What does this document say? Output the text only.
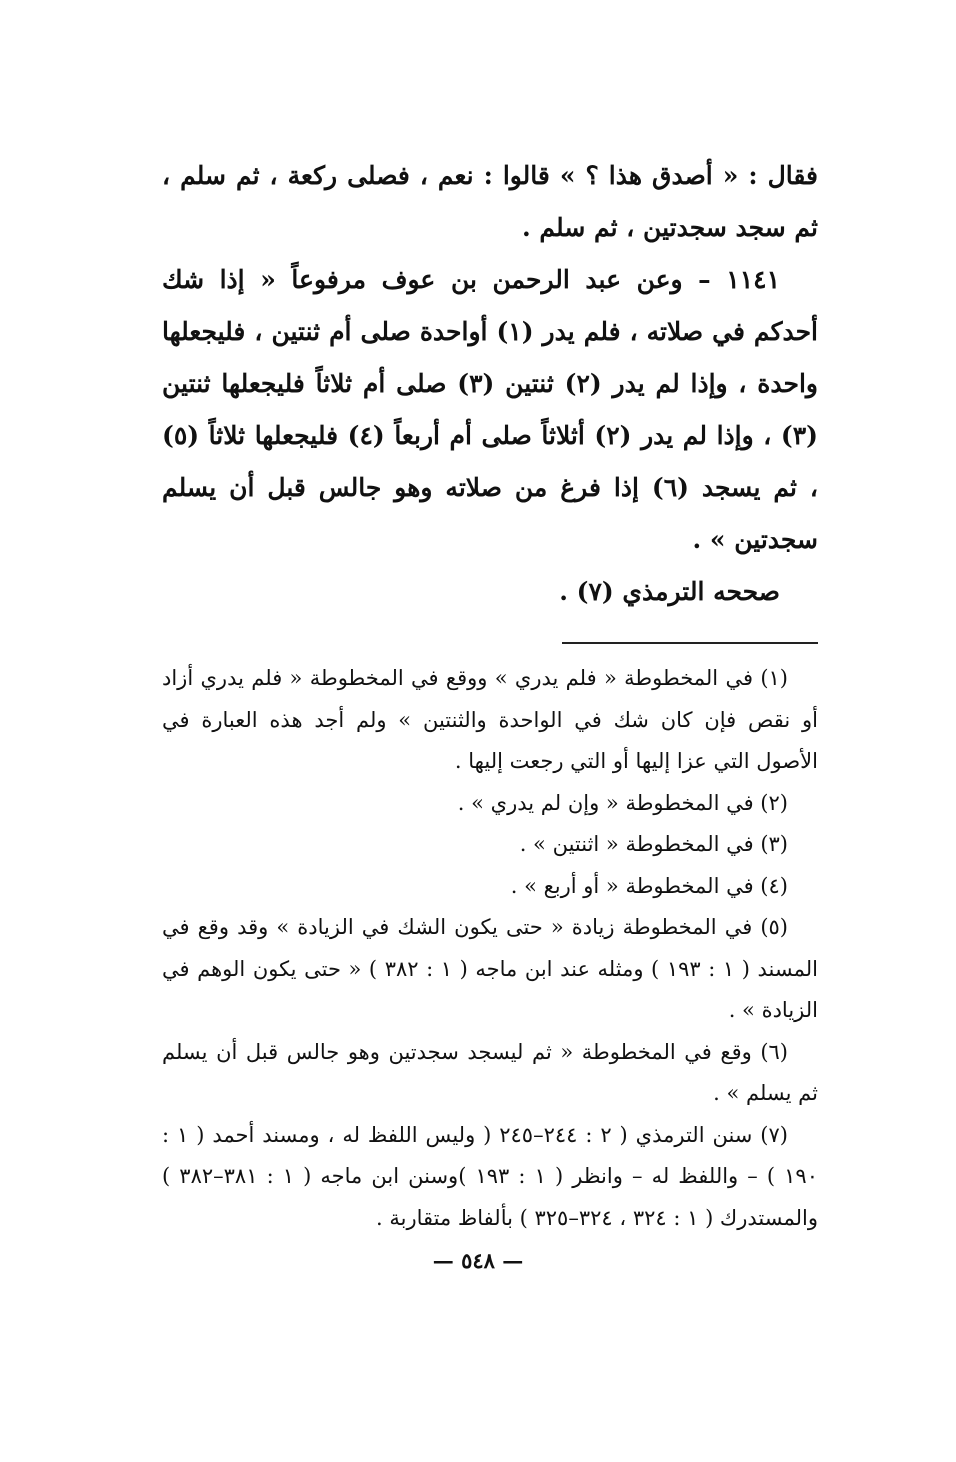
فقال : « أصدق هذا ؟ » قالوا : نعم ، فصلى ركعة ، ثم سلم ، ثم سجد سجدتين ، ثم سلم .

١١٤١ – وعن عبد الرحمن بن عوف مرفوعاً « إذا شك أحدكم في صلاته ، فلم يدر (١) أواحدة صلى أم ثنتين ، فليجعلها واحدة ، وإذا لم يدر (٢) ثنتين (٣) صلى أم ثلاثاً فليجعلها ثنتين (٣) ، وإذا لم يدر (٢) أثلاثاً صلى أم أربعاً (٤) فليجعلها ثلاثاً (٥) ، ثم يسجد (٦) إذا فرغ من صلاته وهو جالس قبل أن يسلم سجدتين » .

صححه الترمذي (٧) .

(١) في المخطوطة « فلم يدري » ووقع في المخطوطة « فلم يدري أزاد أو نقص فإن كان شك في الواحدة والثنتين » ولم أجد هذه العبارة في الأصول التي عزا إليها أو التي رجعت إليها .

(٢) في المخطوطة « وإن لم يدري » .

(٣) في المخطوطة « اثنتين » .

(٤) في المخطوطة « أو أربع » .

(٥) في المخطوطة زيادة « حتى يكون الشك في الزيادة » وقد وقع في المسند ( ١ : ١٩٣ ) ومثله عند ابن ماجه ( ١ : ٣٨٢ ) « حتى يكون الوهم في الزيادة » .

(٦) وقع في المخطوطة « ثم ليسجد سجدتين وهو جالس قبل أن يسلم ثم يسلم » .

(٧) سنن الترمذي ( ٢ : ٢٤٤–٢٤٥ ( وليس اللفظ له ، ومسند أحمد ( ١ : ١٩٠ ) – واللفظ له – وانظر ( ١ : ١٩٣ )وسنن ابن ماجه ( ١ : ٣٨١–٣٨٢ ) والمستدرك ( ١ : ٣٢٤ ، ٣٢٤–٣٢٥ ) بألفاظ متقاربة .

— ٥٤٨ —
